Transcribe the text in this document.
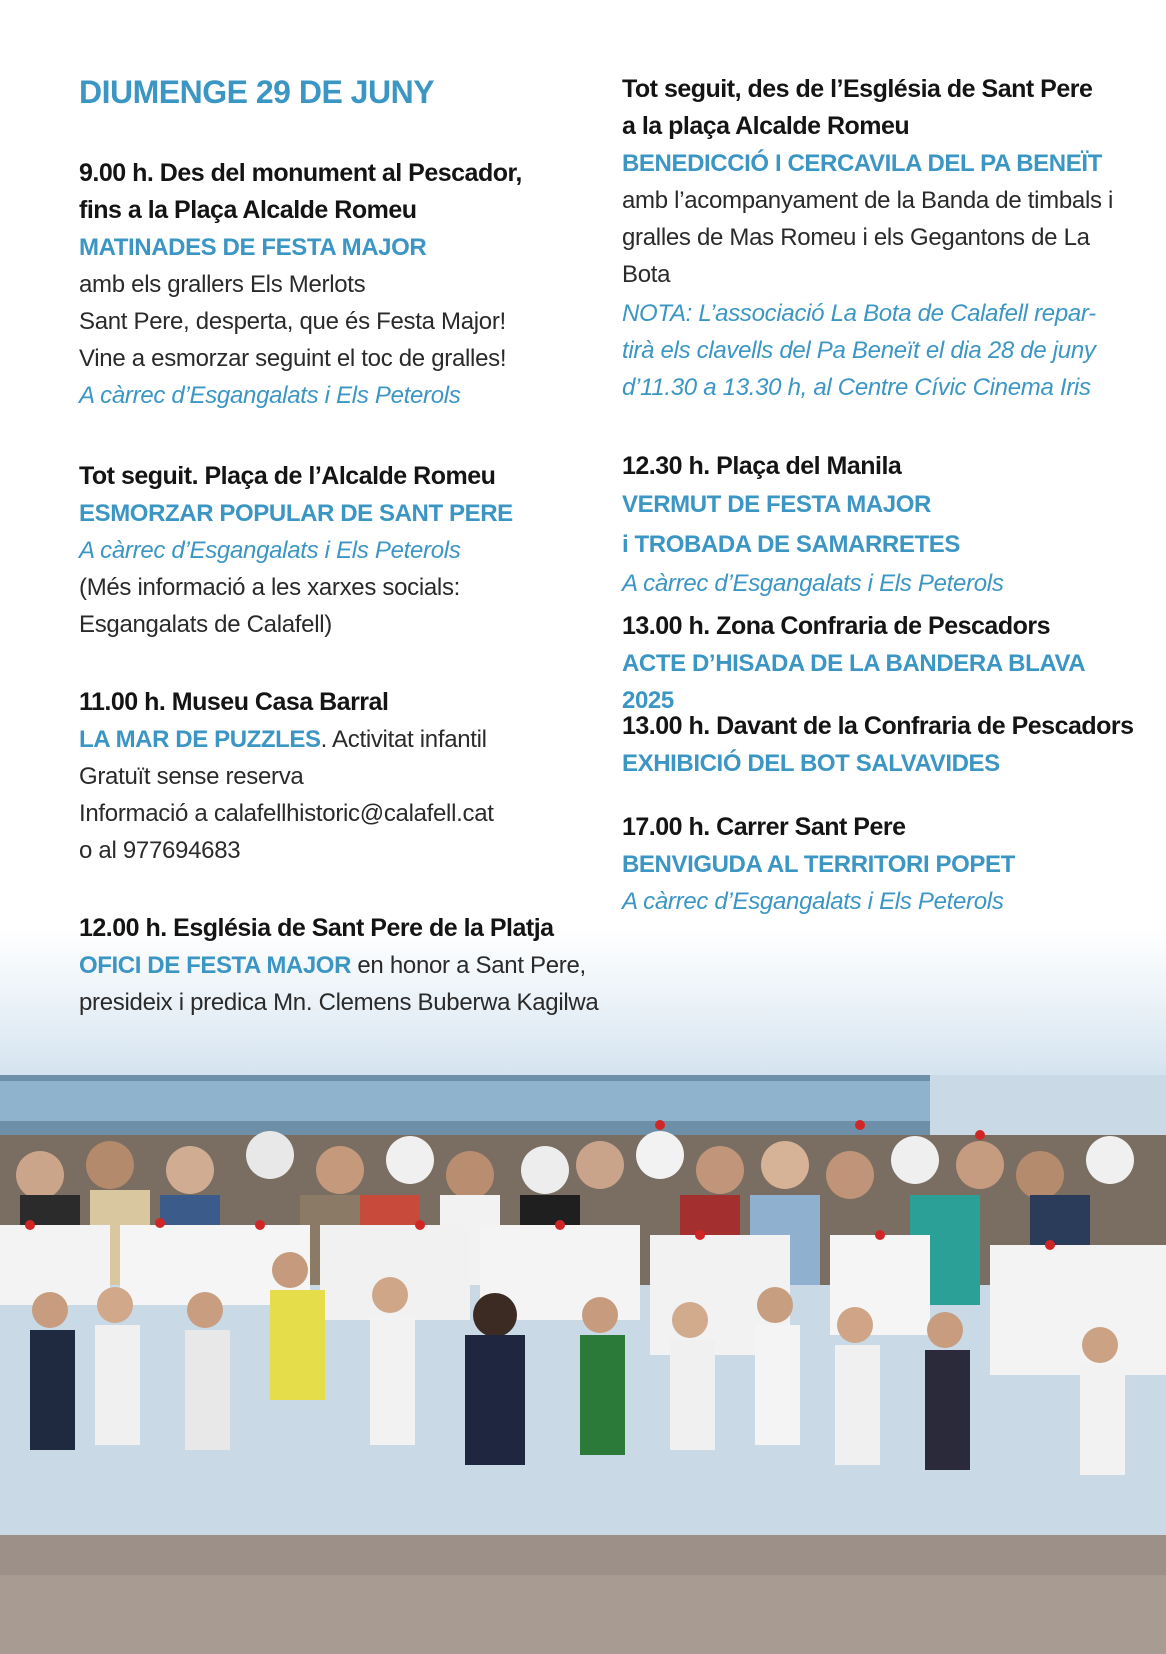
DIUMENGE 29 DE JUNY
9.00 h. Des del monument al Pescador,
fins a la Plaça Alcalde Romeu
MATINADES DE FESTA MAJOR
amb els grallers Els Merlots
Sant Pere, desperta, que és Festa Major!
Vine a esmorzar seguint el toc de gralles!
A càrrec d’Esgangalats i Els Peterols
Tot seguit. Plaça de l’Alcalde Romeu
ESMORZAR POPULAR DE SANT PERE
A càrrec d’Esgangalats i Els Peterols
(Més informació a les xarxes socials:
Esgangalats de Calafell)
11.00 h. Museu Casa Barral
LA MAR DE PUZZLES. Activitat infantil
Gratuït sense reserva
Informació a calafellhistoric@calafell.cat
o al 977694683
12.00 h. Església de Sant Pere de la Platja
OFICI DE FESTA MAJOR en honor a Sant Pere,
presideix i predica Mn. Clemens Buberwa Kagilwa
Tot seguit, des de l’Església de Sant Pere
a la plaça Alcalde Romeu
BENEDICCIÓ I CERCAVILA DEL PA BENEÏT
amb l’acompanyament de la Banda de timbals i
gralles de Mas Romeu i els Gegantons de La Bota
NOTA: L’associació La Bota de Calafell repar-
tirà els clavells del Pa Beneït el dia 28 de juny
d’11.30 a 13.30 h, al Centre Cívic Cinema Iris
12.30 h. Plaça del Manila
VERMUT DE FESTA MAJOR
i TROBADA DE SAMARRETES
A càrrec d’Esgangalats i Els Peterols
13.00 h. Zona Confraria de Pescadors
ACTE D’HISADA DE LA BANDERA BLAVA 2025
13.00 h. Davant de la Confraria de Pescadors
EXHIBICIÓ DEL BOT SALVAVIDES
17.00 h. Carrer Sant Pere
BENVIGUDA AL TERRITORI POPET
A càrrec d’Esgangalats i Els Peterols
